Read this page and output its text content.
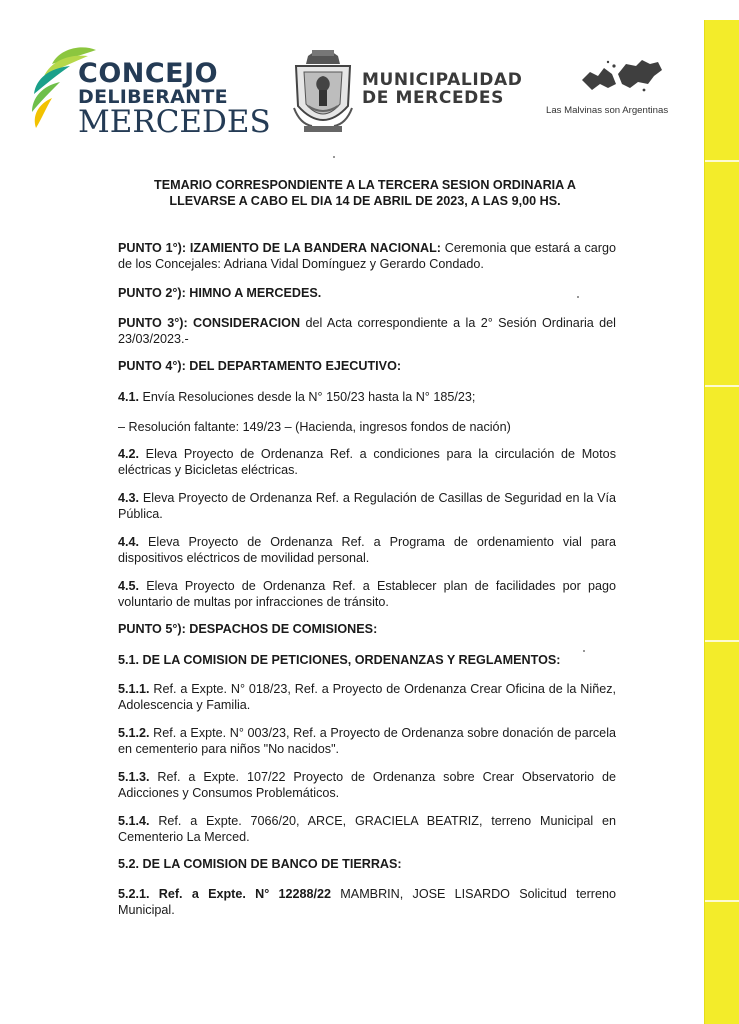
CONCEJO
DELIBERANTE
MERCEDES
MUNICIPALIDAD
DE MERCEDES
Las Malvinas son Argentinas
TEMARIO CORRESPONDIENTE A LA TERCERA SESION ORDINARIA A
LLEVARSE A CABO EL DIA 14 DE ABRIL DE 2023, A LAS 9,00 HS.
PUNTO 1°): IZAMIENTO DE LA BANDERA NACIONAL: Ceremonia que estará a cargo de los Concejales: Adriana Vidal Domínguez y Gerardo Condado.
PUNTO 2°): HIMNO A MERCEDES.
PUNTO 3°): CONSIDERACION del Acta correspondiente a la 2° Sesión Ordinaria del 23/03/2023.-
PUNTO 4°): DEL DEPARTAMENTO EJECUTIVO:
4.1. Envía Resoluciones desde la N° 150/23 hasta la N° 185/23;
– Resolución faltante: 149/23 – (Hacienda, ingresos fondos de nación)
4.2. Eleva Proyecto de Ordenanza Ref. a condiciones para la circulación de Motos eléctricas y Bicicletas eléctricas.
4.3. Eleva Proyecto de Ordenanza Ref. a Regulación de Casillas de Seguridad en la Vía Pública.
4.4. Eleva Proyecto de Ordenanza Ref. a Programa de ordenamiento vial para dispositivos eléctricos de movilidad personal.
4.5. Eleva Proyecto de Ordenanza Ref. a Establecer plan de facilidades por pago voluntario de multas por infracciones de tránsito.
PUNTO 5°): DESPACHOS DE COMISIONES:
5.1. DE LA COMISION DE PETICIONES, ORDENANZAS Y REGLAMENTOS:
5.1.1. Ref. a Expte. N° 018/23, Ref. a Proyecto de Ordenanza Crear Oficina de la Niñez, Adolescencia y Familia.
5.1.2. Ref. a Expte. N° 003/23, Ref. a Proyecto de Ordenanza sobre donación de parcela en cementerio para niños "No nacidos".
5.1.3. Ref. a Expte. 107/22 Proyecto de Ordenanza sobre Crear Observatorio de Adicciones y Consumos Problemáticos.
5.1.4. Ref. a Expte. 7066/20, ARCE, GRACIELA BEATRIZ, terreno Municipal en Cementerio La Merced.
5.2. DE LA COMISION DE BANCO DE TIERRAS:
5.2.1. Ref. a Expte. N° 12288/22 MAMBRIN, JOSE LISARDO Solicitud terreno Municipal.
